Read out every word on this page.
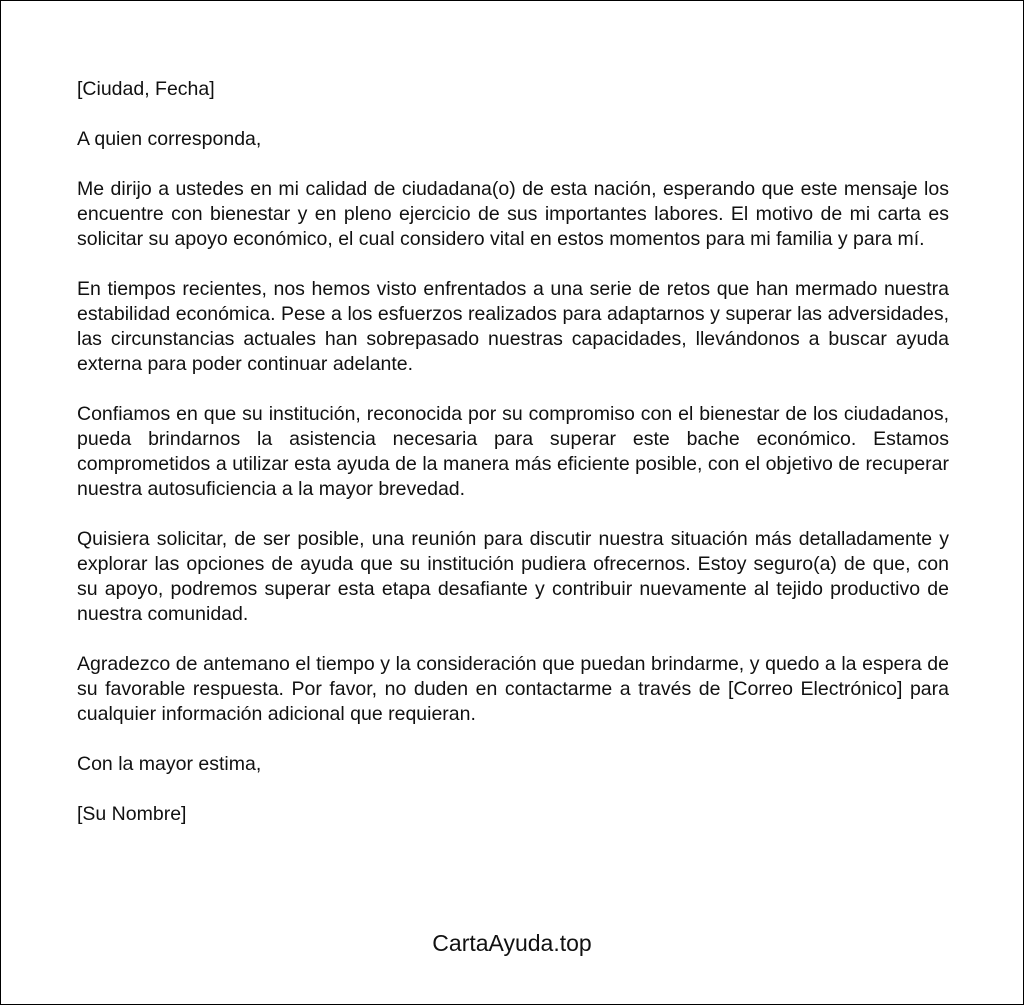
[Ciudad, Fecha]

A quien corresponda,

Me dirijo a ustedes en mi calidad de ciudadana(o) de esta nación, esperando que este mensaje los encuentre con bienestar y en pleno ejercicio de sus importantes labores. El motivo de mi carta es solicitar su apoyo económico, el cual considero vital en estos momentos para mi familia y para mí.

En tiempos recientes, nos hemos visto enfrentados a una serie de retos que han mermado nuestra estabilidad económica. Pese a los esfuerzos realizados para adaptarnos y superar las adversidades, las circunstancias actuales han sobrepasado nuestras capacidades, llevándonos a buscar ayuda externa para poder continuar adelante.

Confiamos en que su institución, reconocida por su compromiso con el bienestar de los ciudadanos, pueda brindarnos la asistencia necesaria para superar este bache económico. Estamos comprometidos a utilizar esta ayuda de la manera más eficiente posible, con el objetivo de recuperar nuestra autosuficiencia a la mayor brevedad.

Quisiera solicitar, de ser posible, una reunión para discutir nuestra situación más detalladamente y explorar las opciones de ayuda que su institución pudiera ofrecernos. Estoy seguro(a) de que, con su apoyo, podremos superar esta etapa desafiante y contribuir nuevamente al tejido productivo de nuestra comunidad.

Agradezco de antemano el tiempo y la consideración que puedan brindarme, y quedo a la espera de su favorable respuesta. Por favor, no duden en contactarme a través de [Correo Electrónico] para cualquier información adicional que requieran.

Con la mayor estima,

[Su Nombre]

CartaAyuda.top
